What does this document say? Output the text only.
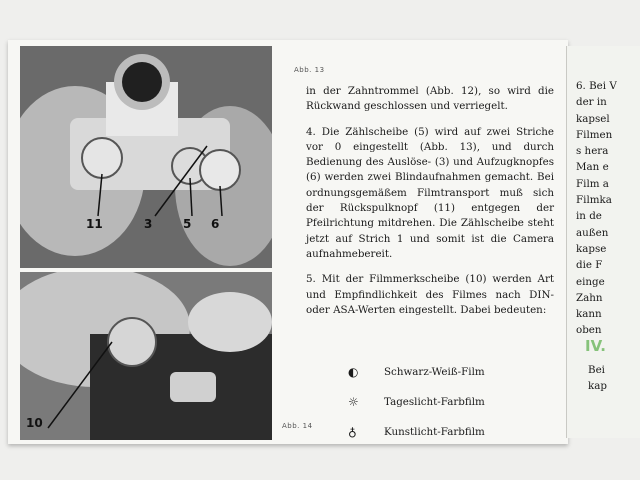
Abb. 13
11	3	5 6
10	Abb. 14

in der Zahntrommel (Abb. 12), so wird die Rückwand geschlossen und verriegelt.

4. Die Zählscheibe (5) wird auf zwei Striche vor 0 eingestellt (Abb. 13), und durch Bedienung des Auslöse- (3) und Aufzugknopfes (6) werden zwei Blindaufnahmen gemacht. Bei ordnungsgemäßem Filmtransport muß sich der Rückspulknopf (11) entgegen der Pfeilrichtung mitdrehen. Die Zählscheibe steht jetzt auf Strich 1 und somit ist die Camera aufnahmebereit.

5. Mit der Filmmerkscheibe (10) werden Art und Empfindlichkeit des Filmes nach DIN- oder ASA-Werten eingestellt. Dabei bedeuten:

◐	Schwarz-Weiß-Film
☼	Tageslicht-Farbfilm
♁	Kunstlicht-Farbfilm
6. Bei V
der in
kapsel
Filmen
s hera
Man e
Film a
Filmka
in de
außen
kapse
die F
einge
Zahn
kann
oben
IV.
Bei
kap
